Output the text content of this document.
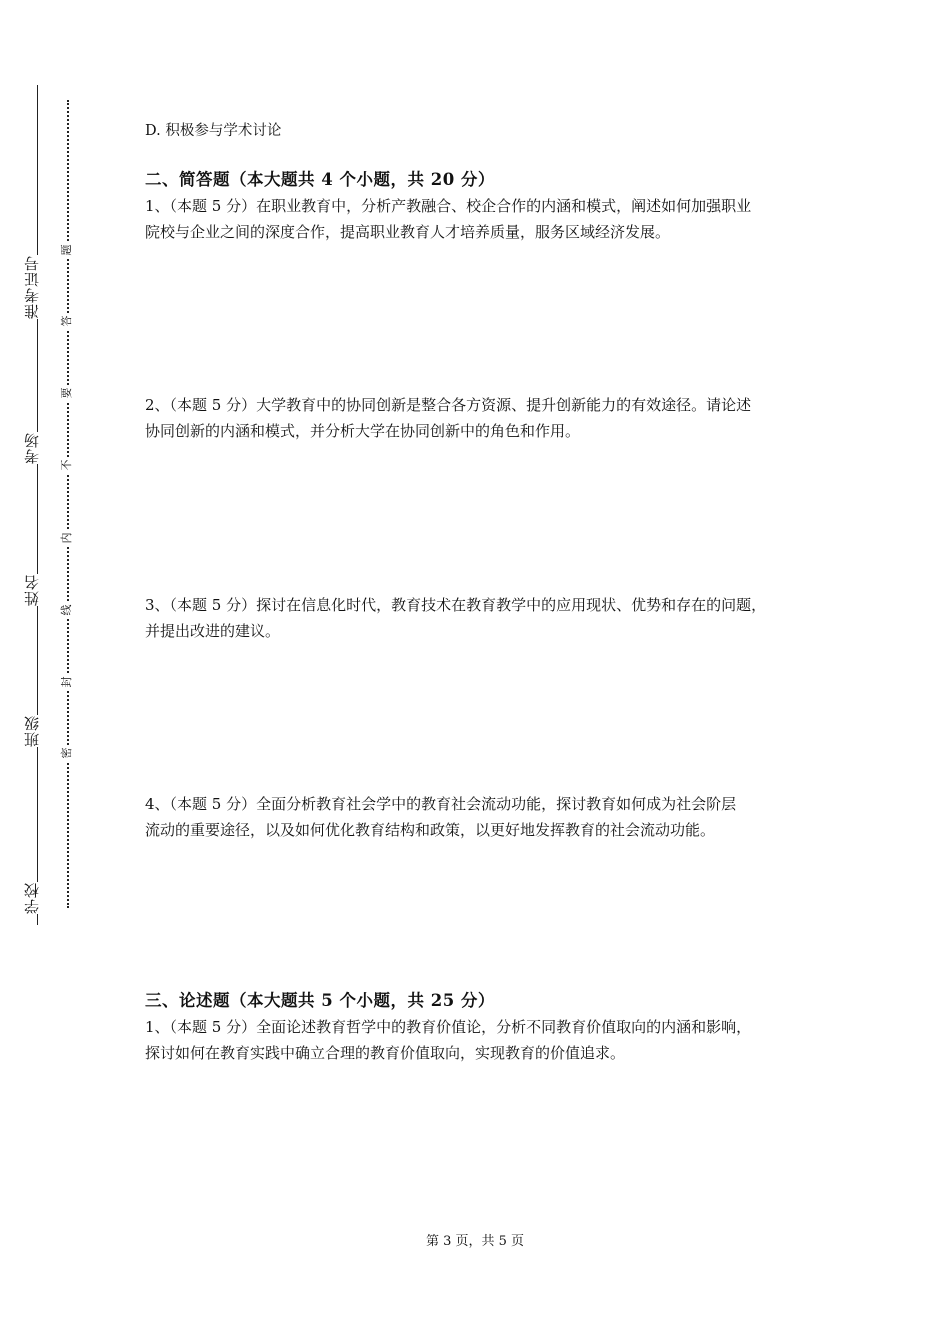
准考证号
考场
姓名
班级
学校
题
答
要
不
内
线
封
密
D. 积极参与学术讨论
二、简答题（本大题共 4 个小题，共 20 分）

1、（本题 5 分）在职业教育中，分析产教融合、校企合作的内涵和模式，阐述如何加强职业

院校与企业之间的深度合作，提高职业教育人才培养质量，服务区域经济发展。

2、（本题 5 分）大学教育中的协同创新是整合各方资源、提升创新能力的有效途径。请论述

协同创新的内涵和模式，并分析大学在协同创新中的角色和作用。

3、（本题 5 分）探讨在信息化时代，教育技术在教育教学中的应用现状、优势和存在的问题，

并提出改进的建议。

4、（本题 5 分）全面分析教育社会学中的教育社会流动功能，探讨教育如何成为社会阶层

流动的重要途径，以及如何优化教育结构和政策，以更好地发挥教育的社会流动功能。

三、论述题（本大题共 5 个小题，共 25 分）

1、（本题 5 分）全面论述教育哲学中的教育价值论，分析不同教育价值取向的内涵和影响，

探讨如何在教育实践中确立合理的教育价值取向，实现教育的价值追求。

第 3 页，共 5 页
